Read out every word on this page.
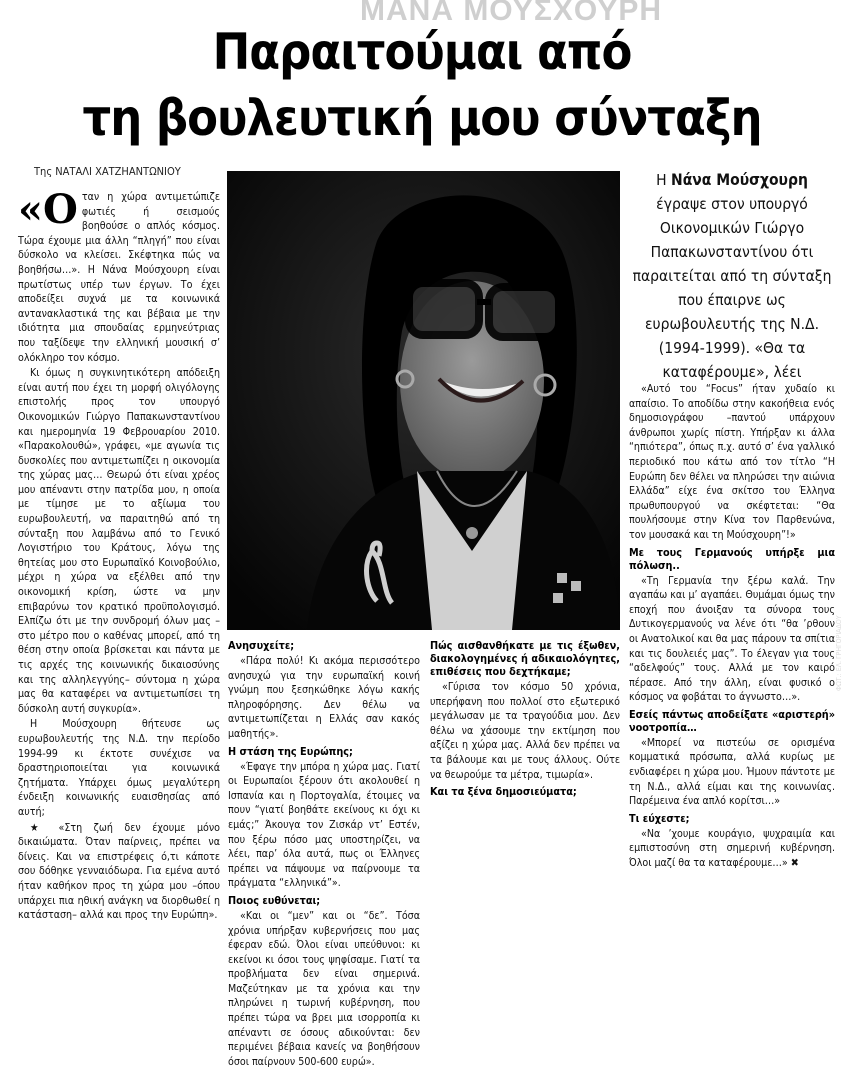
ΜΑΝΑ ΜΟΥΣΧΟΥΡΗ
Παραιτούμαι από
τη βουλευτική μου σύνταξη
Της ΝΑΤΑΛΙ ΧΑΤΖΗΑΝΤΩΝΙΟΥ

«Ο ταν η χώρα αντιμετώπιζε φωτιές ή σεισμούς βοηθούσε ο απλός κόσμος. Τώρα έχουμε μια άλλη “πληγή” που είναι δύσκολο να κλείσει. Σκέφτηκα πώς να βοηθήσω…». Η Νάνα Μούσχουρη είναι πρωτίστως υπέρ των έργων. Το έχει αποδείξει συχνά με τα κοινωνικά αντανακλαστικά της και βέβαια με την ιδιότητα μια σπουδαίας ερμηνεύτριας που ταξίδεψε την ελληνική μουσική σ’ ολόκληρο τον κόσμο.

Κι όμως η συγκινητικότερη απόδειξη είναι αυτή που έχει τη μορφή ολιγόλογης επιστολής προς τον υπουργό Οικονομικών Γιώργο Παπακωνσταντίνου και ημερομηνία 19 Φεβρουαρίου 2010. «Παρακολουθώ», γράφει, «με αγωνία τις δυσκολίες που αντιμετωπίζει η οικονομία της χώρας μας… Θεωρώ ότι είναι χρέος μου απέναντι στην πατρίδα μου, η οποία με τίμησε με το αξίωμα του ευρωβουλευτή, να παραιτηθώ από τη σύνταξη που λαμβάνω από το Γενικό Λογιστήριο του Κράτους, λόγω της θητείας μου στο Ευρωπαϊκό Κοινοβούλιο, μέχρι η χώρα να εξέλθει από την οικονομική κρίση, ώστε να μην επιβαρύνω τον κρατικό προϋπολογισμό. Ελπίζω ότι με την συνδρομή όλων μας –στο μέτρο που ο καθένας μπορεί, από τη θέση στην οποία βρίσκεται και πάντα με τις αρχές της κοινωνικής δικαιοσύνης και της αλληλεγγύης– σύντομα η χώρα μας θα καταφέρει να αντιμετωπίσει τη δύσκολη αυτή συγκυρία».

Η Μούσχουρη θήτευσε ως ευρωβουλευτής της Ν.Δ. την περίοδο 1994-99 κι έκτοτε συνέχισε να δραστηριοποιείται για κοινωνικά ζητήματα. Υπάρχει όμως μεγαλύτερη ένδειξη κοινωνικής ευαισθησίας από αυτή;

★ «Στη ζωή δεν έχουμε μόνο δικαιώματα. Όταν παίρνεις, πρέπει να δίνεις. Και να επιστρέφεις ό,τι κάποτε σου δόθηκε γενναιόδωρα. Για εμένα αυτό ήταν καθήκον προς τη χώρα μου –όπου υπάρχει πια ηθική ανάγκη να διορθωθεί η κατάσταση– αλλά και προς την Ευρώπη».

ΦΩΤ.: ΕΛ. ΓΡΗΓΟΡΙΑΔΟΥ
Ανησυχείτε;

«Πάρα πολύ! Κι ακόμα περισσότερο ανησυχώ για την ευρωπαϊκή κοινή γνώμη που ξεσηκώθηκε λόγω κακής πληροφόρησης. Δεν θέλω να αντιμετωπίζεται η Ελλάς σαν κακός μαθητής».

Η στάση της Ευρώπης;

«Έφαγε την μπόρα η χώρα μας. Γιατί οι Ευρωπαίοι ξέρουν ότι ακολουθεί η Ισπανία και η Πορτογαλία, έτοιμες να πουν “γιατί βοηθάτε εκείνους κι όχι κι εμάς;” Άκουγα τον Ζισκάρ ντ’ Εστέν, που ξέρω πόσο μας υποστηρίζει, να λέει, παρ’ όλα αυτά, πως οι Έλληνες πρέπει να πάψουμε να παίρνουμε τα πράγματα “ελληνικά”».

Ποιος ευθύνεται;

«Και οι “μεν” και οι “δε”. Τόσα χρόνια υπήρξαν κυβερνήσεις που μας έφεραν εδώ. Όλοι είναι υπεύθυνοι: κι εκείνοι κι όσοι τους ψηφίσαμε. Γιατί τα προβλήματα δεν είναι σημερινά. Μαζεύτηκαν με τα χρόνια και την πληρώνει η τωρινή κυβέρνηση, που πρέπει τώρα να βρει μια ισορροπία κι απέναντι σε όσους αδικούνται: δεν περιμένει βέβαια κανείς να βοηθήσουν όσοι παίρνουν 500-600 ευρώ».

Πώς αισθανθήκατε με τις έξωθεν, διακολογημένες ή αδικαιολόγητες, επιθέσεις που δεχτήκαμε;

«Γύρισα τον κόσμο 50 χρόνια, υπερήφανη που πολλοί στο εξωτερικό μεγάλωσαν με τα τραγούδια μου. Δεν θέλω να χάσουμε την εκτίμηση που αξίζει η χώρα μας. Αλλά δεν πρέπει να τα βάλουμε και με τους άλλους. Ούτε να θεωρούμε τα μέτρα, τιμωρία».

Και τα ξένα δημοσιεύματα;
Η Νάνα Μούσχουρη έγραψε στον υπουργό Οικονομικών Γιώργο Παπακωνσταντίνου ότι παραιτείται από τη σύνταξη που έπαιρνε ως ευρωβουλευτής της Ν.Δ. (1994-1999). «Θα τα καταφέρουμε», λέει

«Αυτό του “Focus” ήταν χυδαίο κι απαίσιο. Το αποδίδω στην κακοήθεια ενός δημοσιογράφου –παντού υπάρχουν άνθρωποι χωρίς πίστη. Υπήρξαν κι άλλα “ηπιότερα”, όπως π.χ. αυτό σ’ ένα γαλλικό περιοδικό που κάτω από τον τίτλο “Η Ευρώπη δεν θέλει να πληρώσει την αιώνια Ελλάδα” είχε ένα σκίτσο του Έλληνα πρωθυπουργού να σκέφτεται: “Θα πουλήσουμε στην Κίνα τον Παρθενώνα, τον μουσακά και τη Μούσχουρη”!»

Με τους Γερμανούς υπήρξε μια πόλωση..

«Τη Γερμανία την ξέρω καλά. Την αγαπάω και μ’ αγαπάει. Θυμάμαι όμως την εποχή που άνοιξαν τα σύνορα τους Δυτικογερμανούς να λένε ότι “θα ’ρθουν οι Ανατολικοί και θα μας πάρουν τα σπίτια και τις δουλειές μας”. Το έλεγαν για τους “αδελφούς” τους. Αλλά με τον καιρό πέρασε. Από την άλλη, είναι φυσικό ο κόσμος να φοβάται το άγνωστο…».

Εσείς πάντως αποδείξατε «αριστερή» νοοτροπία…

«Μπορεί να πιστεύω σε ορισμένα κομματικά πρόσωπα, αλλά κυρίως με ενδιαφέρει η χώρα μου. Ήμουν πάντοτε με τη Ν.Δ., αλλά είμαι και της κοινωνίας. Παρέμεινα ένα απλό κορίτσι…»

Τι εύχεστε;

«Να ’χουμε κουράγιο, ψυχραιμία και εμπιστοσύνη στη σημερινή κυβέρνηση. Όλοι μαζί θα τα καταφέρουμε…» ✖
